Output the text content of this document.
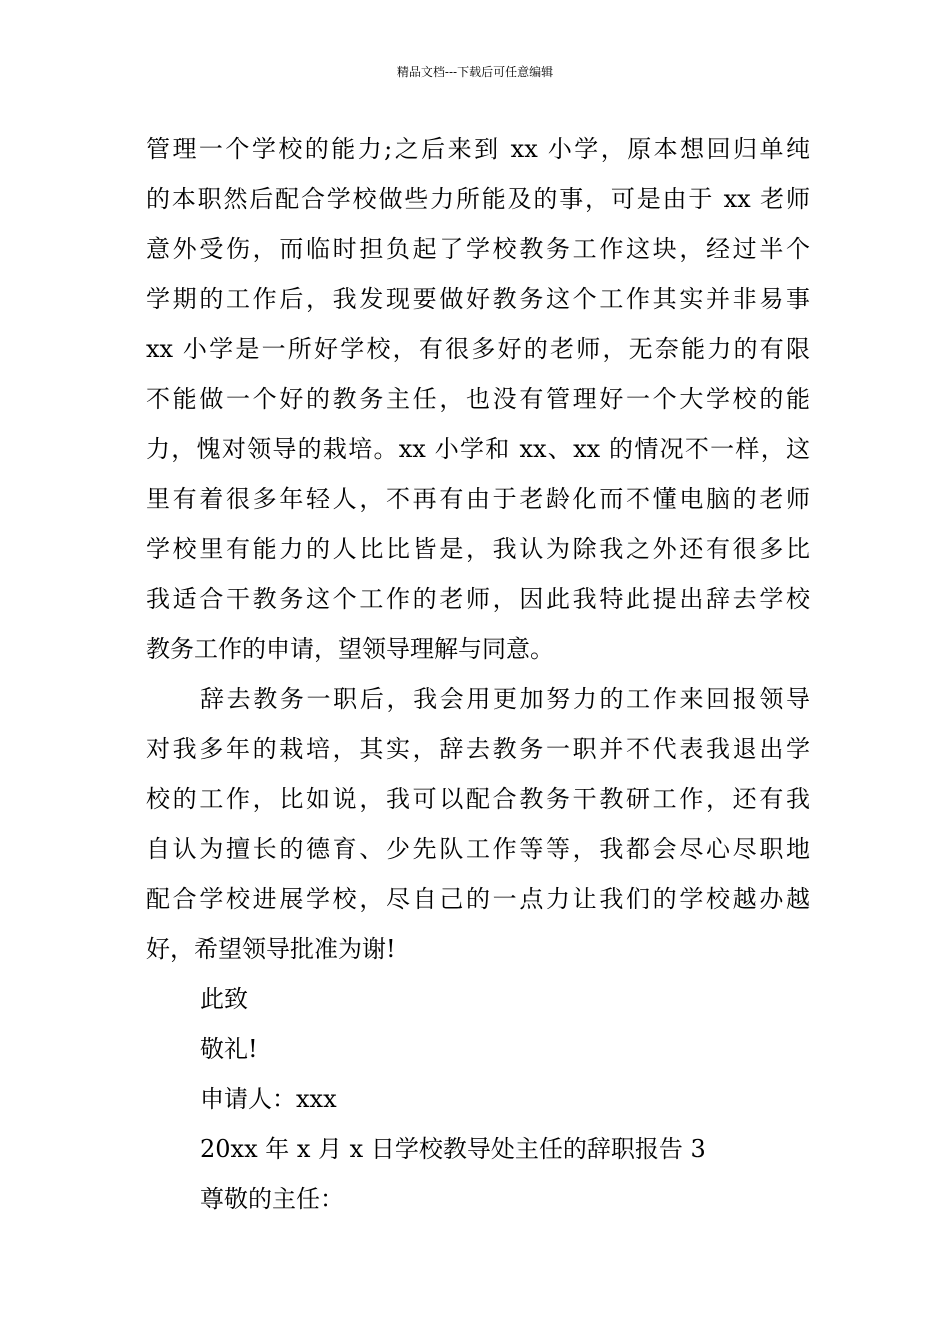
精品文档---下载后可任意编辑
管理一个学校的能力;之后来到 xx 小学，原本想回归单纯
的本职然后配合学校做些力所能及的事，可是由于 xx 老师
意外受伤，而临时担负起了学校教务工作这块，经过半个
学期的工作后，我发现要做好教务这个工作其实并非易事
xx 小学是一所好学校，有很多好的老师，无奈能力的有限
不能做一个好的教务主任，也没有管理好一个大学校的能
力，愧对领导的栽培。xx 小学和 xx、xx 的情况不一样，这
里有着很多年轻人，不再有由于老龄化而不懂电脑的老师
学校里有能力的人比比皆是，我认为除我之外还有很多比
我适合干教务这个工作的老师，因此我特此提出辞去学校
教务工作的申请，望领导理解与同意。
辞去教务一职后，我会用更加努力的工作来回报领导
对我多年的栽培，其实，辞去教务一职并不代表我退出学
校的工作，比如说，我可以配合教务干教研工作，还有我
自认为擅长的德育、少先队工作等等，我都会尽心尽职地
配合学校进展学校，尽自己的一点力让我们的学校越办越
好，希望领导批准为谢!
此致
敬礼!
申请人：xxx
20xx 年 x 月 x 日学校教导处主任的辞职报告 3
尊敬的主任：
